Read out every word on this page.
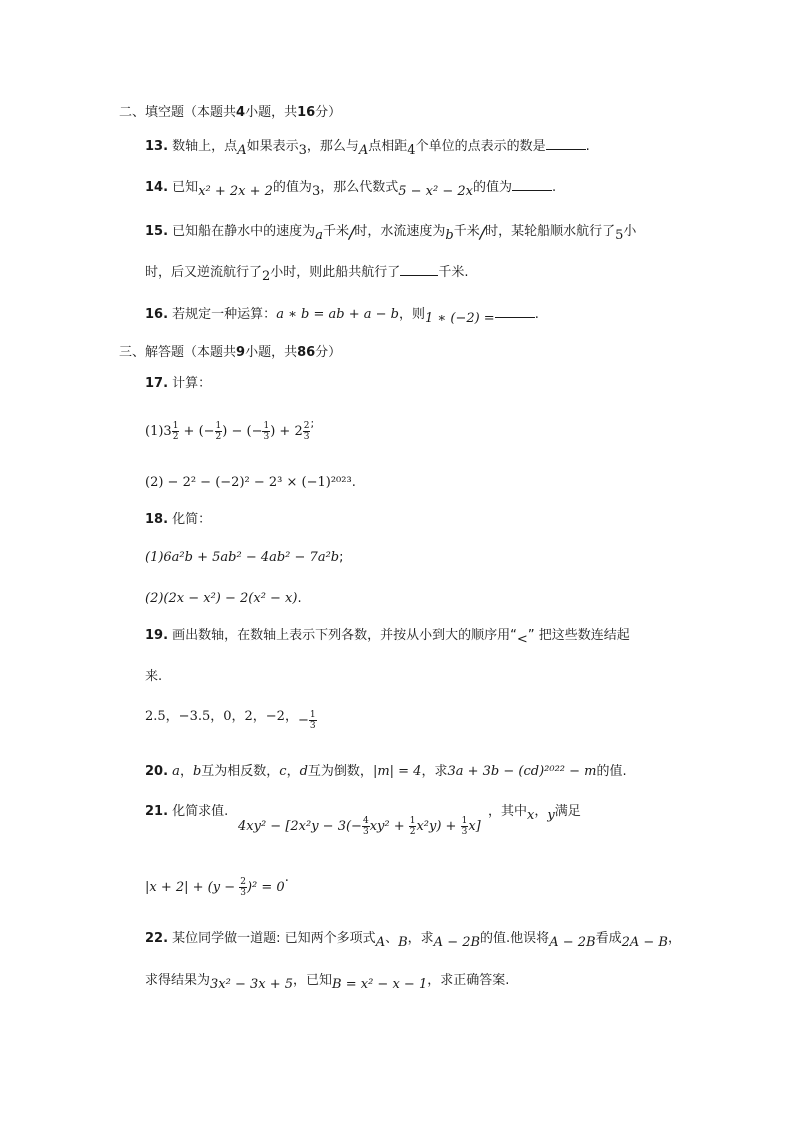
二、填空题（本题共4小题，共16分）
13. 数轴上，点A如果表示3，那么与A点相距4个单位的点表示的数是	.
14. 已知x² + 2x + 2的值为3，那么代数式5 − x² − 2x的值为	.
15. 已知船在静水中的速度为a千米/时，水流速度为b千米/时，某轮船顺水航行了5小
时，后又逆流航行了2小时，则此船共航行了	千米.
16. 若规定一种运算：a ∗ b = ab + a − b，则1 ∗ (−2) =	.
三、解答题（本题共9小题，共86分）
17. 计算：
$(1)3 \frac{1}{2}$ + (− $\frac{1}{2}$ ) − (− $\frac{1}{3}$ ) + $2 \frac{2}{3} ^;$
(2) − 2² − (−2)² − 2³ × (−1)²⁰²³.
18. 化简：
(1)6a²b + 5ab² − 4ab² − 7a²b;
(2)(2x − x²) − 2(x² − x).
19. 画出数轴，在数轴上表示下列各数，并按从小到大的顺序用“<” 把这些数连结起
来.
2.5，−3.5，0，2，−2，− $\frac{1}{3}$
20. a，b互为相反数，c，d互为倒数，|m| = 4，求3a + 3b − (cd)²⁰²² − m的值.
21. 化简求值.
$4xy^2 - [2x^2y - 3(- \frac{4}{3} xy^2 + \frac{1}{2} x^2y) + \frac{1}{3} x]$
，其中x，y满足
$|x + 2| + (y - \frac{2}{3} )^2 = 0$.
22. 某位同学做一道题: 已知两个多项式A、B，求A − 2B的值.他误将A − 2B看成2A − B，
求得结果为3x² − 3x + 5，已知B = x² − x − 1，求正确答案.
